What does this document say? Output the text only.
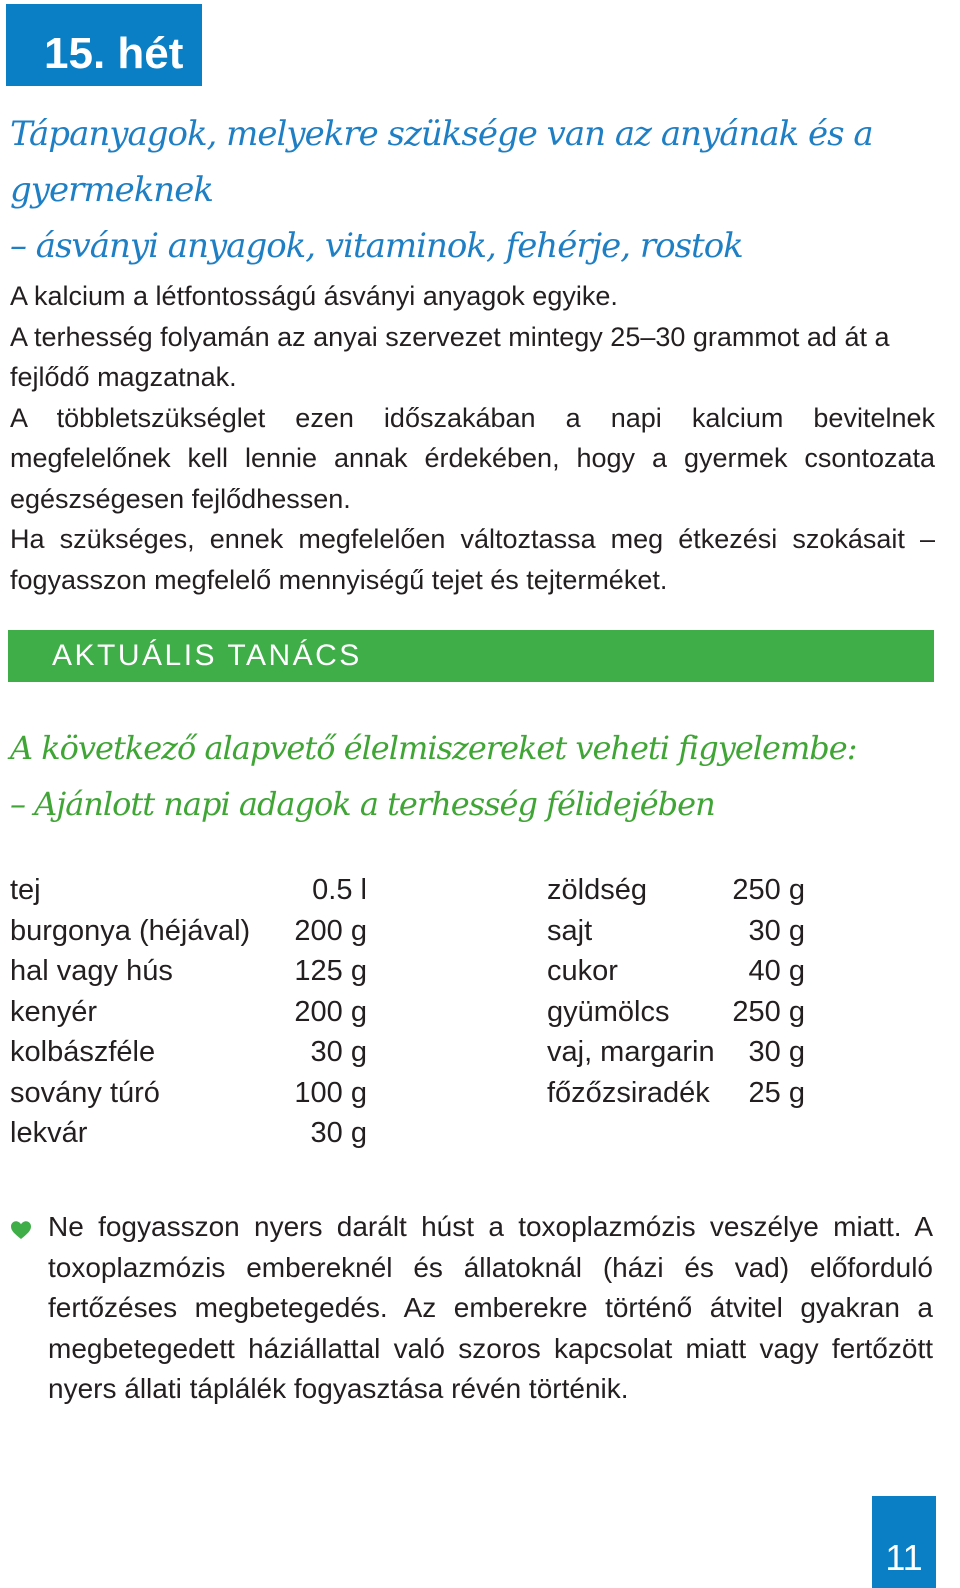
15. hét
Tápanyagok, melyekre szüksége van az anyának és a gyermeknek
– ásványi anyagok, vitaminok, fehérje, rostok

A kalcium a létfontosságú ásványi anyagok egyike.

A terhesség folyamán az anyai szervezet mintegy 25–30 grammot ad át a fejlődő magzatnak.

A többletszükséglet ezen időszakában a napi kalcium bevitelnek megfelelőnek kell lennie annak érdekében, hogy a gyermek csontozata egészségesen fejlődhessen.

Ha szükséges, ennek megfelelően változtassa meg étkezési szokásait – fogyasszon megfelelő mennyiségű tejet és tejterméket.

AKTUÁLIS TANÁCS
A következő alapvető élelmiszereket veheti figyelembe:
– Ajánlott napi adagok a terhesség félidejében
tej	0.5 l
burgonya (héjával)	200 g
hal vagy hús	125 g
kenyér	200 g
kolbászféle	30 g
sovány túró	100 g
lekvár	30 g
zöldség	250 g
sajt	30 g
cukor	40 g
gyümölcs	250 g
vaj, margarin	30 g
főzőzsiradék	25 g
Ne fogyasszon nyers darált húst a toxoplazmózis veszélye miatt. A toxoplazmózis embereknél és állatoknál (házi és vad) előforduló fertőzéses megbetegedés. Az emberekre történő átvitel gyakran a megbetegedett háziállattal való szoros kapcsolat miatt vagy fertőzött nyers állati táplálék fogyasztása révén történik.
11
